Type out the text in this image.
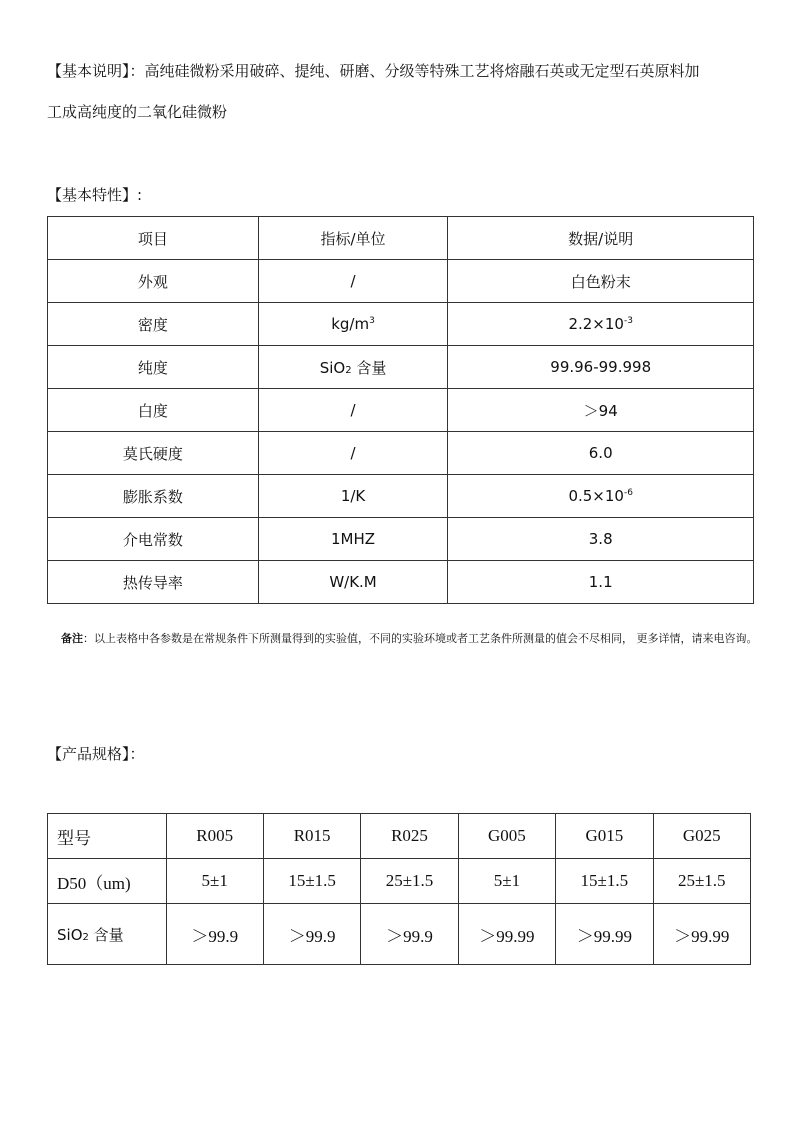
【基本说明】：高纯硅微粉采用破碎、提纯、研磨、分级等特殊工艺将熔融石英或无定型石英原料加
工成高纯度的二氧化硅微粉
【基本特性】:
项目	指标/单位	数据/说明
外观	/	白色粉末
密度	$kg/m^3$	$2.2\times 10^{-3}$
纯度	SiO2 含量	99.96-99.998
白度	/	＞94
莫氏硬度	/	6.0
膨胀系数	1/K	$0.5\times 10^{-6}$
介电常数	1MHZ	3.8
热传导率	W/K.M	1.1
备注：以上表格中各参数是在常规条件下所测量得到的实验值，不同的实验环境或者工艺条件所测量的值会不尽相同， 更多详情，请来电咨询。
【产品规格】：
型号	R005	R015	R025	G005	G015	G025
D50（um)	5±1	15±1.5	25±1.5	5±1	15±1.5	25±1.5
SiO2 含量	＞99.9	＞99.9	＞99.9	＞99.99	＞99.99	＞99.99
